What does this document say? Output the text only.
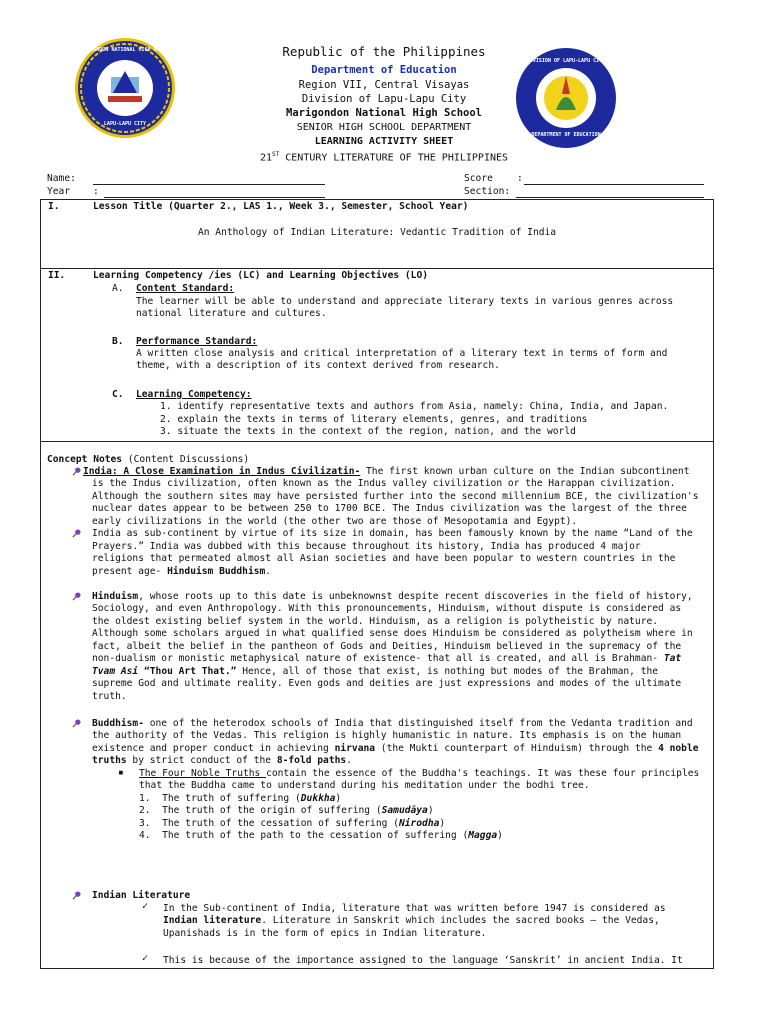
MARIGONDON NATIONAL HIGH SCHOOL
LAPU-LAPU CITY
DIVISION OF LAPU-LAPU CITY
DEPARTMENT OF EDUCATION
Republic of the Philippines
Department of Education
Region VII, Central Visayas
Division of Lapu-Lapu City
Marigondon National High School
SENIOR HIGH SCHOOL DEPARTMENT
LEARNING ACTIVITY SHEET
21ST CENTURY LITERATURE OF THE PHILIPPINES
Name:
Year :
Score	:
Section:
I.	Lesson Title (Quarter 2., LAS 1., Week 3., Semester, School Year)
An Anthology of Indian Literature: Vedantic Tradition of India
II.	Learning Competency /ies (LC) and Learning Objectives (LO)
A. Content Standard:
The learner will be able to understand and appreciate literary texts in various genres across
national literature and cultures.
B. Performance Standard:
A written close analysis and critical interpretation of a literary text in terms of form and
theme, with a description of its context derived from research.
C. Learning Competency:
1. identify representative texts and authors from Asia, namely: China, India, and Japan.
2. explain the texts in terms of literary elements, genres, and traditions
3. situate the texts in the context of the region, nation, and the world
Concept Notes (Content Discussions)
India: A Close Examination in Indus Civilizatin- The first known urban culture on the Indian subcontinent
is the Indus civilization, often known as the Indus valley civilization or the Harappan civilization.
Although the southern sites may have persisted further into the second millennium BCE, the civilization's
nuclear dates appear to be between 250 to 1700 BCE. The Indus civilization was the largest of the three
early civilizations in the world (the other two are those of Mesopotamia and Egypt).
India as sub-continent by virtue of its size in domain, has been famously known by the name “Land of the
Prayers.” India was dubbed with this because throughout its history, India has produced 4 major
religions that permeated almost all Asian societies and have been popular to western countries in the
present age- Hinduism Buddhism.
Hinduism, whose roots up to this date is unbeknownst despite recent discoveries in the field of history,
Sociology, and even Anthropology. With this pronouncements, Hinduism, without dispute is considered as
the oldest existing belief system in the world. Hinduism, as a religion is polytheistic by nature.
Although some scholars argued in what qualified sense does Hinduism be considered as polytheism where in
fact, albeit the belief in the pantheon of Gods and Deities, Hinduism believed in the supremacy of the
non-dualism or monistic metaphysical nature of existence- that all is created, and all is Brahman- Tat
Tvam Asi “Thou Art That.” Hence, all of those that exist, is nothing but modes of the Brahman, the
supreme God and ultimate reality. Even gods and deities are just expressions and modes of the ultimate
truth.
Buddhism- one of the heterodox schools of India that distinguished itself from the Vedanta tradition and
the authority of the Vedas. This religion is highly humanistic in nature. Its emphasis is on the human
existence and proper conduct in achieving nirvana (the Mukti counterpart of Hinduism) through the 4 noble
truths by strict conduct of the 8-fold paths.
▪ The Four Noble Truths contain the essence of the Buddha's teachings. It was these four principles
that the Buddha came to understand during his meditation under the bodhi tree.
1. The truth of suffering (Dukkha)
2. The truth of the origin of suffering (Samudāya)
3. The truth of the cessation of suffering (Nirodha)
4. The truth of the path to the cessation of suffering (Magga)
Indian Literature
✓ In the Sub-continent of India, literature that was written before 1947 is considered as
Indian literature. Literature in Sanskrit which includes the sacred books – the Vedas,
Upanishads is in the form of epics in Indian literature.
✓ This is because of the importance assigned to the language ‘Sanskrit’ in ancient India. It
